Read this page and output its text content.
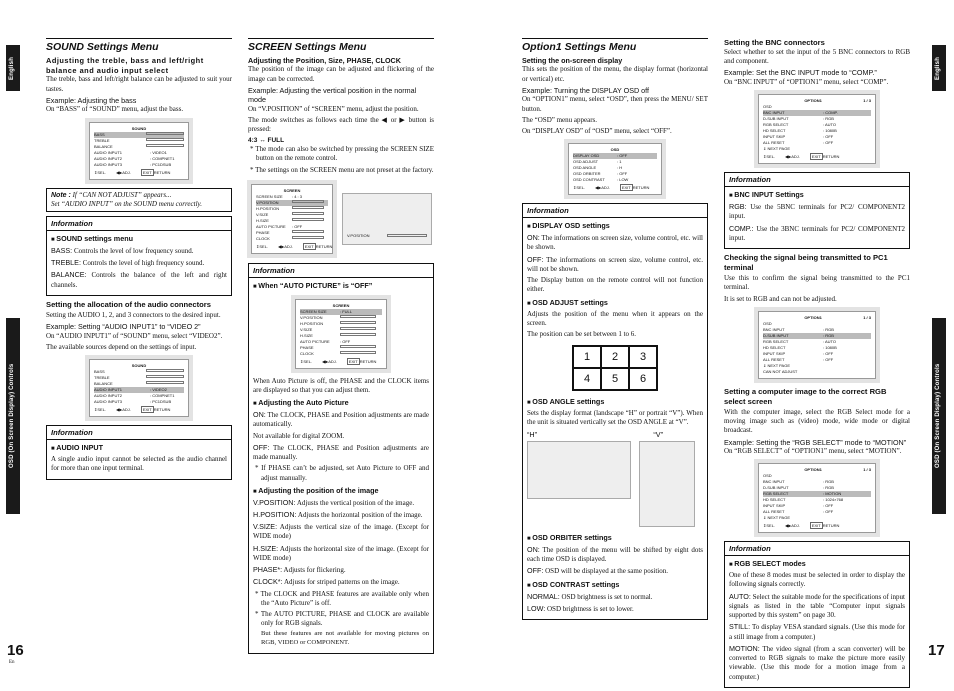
English
OSD (On Screen Display) Controls
English
OSD (On Screen Display) Controls
16
En
17
SOUND Settings Menu
Adjusting the treble, bass and left/right balance and audio input select

The treble, bass and left/right balance can be adjusted to suit your tastes.

Example: Adjusting the bass

On “BASS” of “SOUND” menu, adjust the bass.

SOUND
BASS
TREBLE
BALANCE
AUDIO INPUT1	: VIDEO1
AUDIO INPUT2	: COMPNET1
AUDIO INPUT3	: PC1DSUB
⇕SEL.	◀▶ADJ.	EXIT RETURN
Note : If “CAN NOT ADJUST” appears...
Set “AUDIO INPUT” on the SOUND menu correctly.
Information
■ SOUND settings menu

BASS: Controls the level of low frequency sound.

TREBLE: Controls the level of high frequency sound.

BALANCE: Controls the balance of the left and right channels.

Setting the allocation of the audio connectors

Setting the AUDIO 1, 2, and 3 connectors to the desired input.

Example: Setting “AUDIO INPUT1” to “VIDEO 2”

On “AUDIO INPUT1” of “SOUND” menu, select “VIDEO2”.

The available sources depend on the settings of input.

SOUND
BASS
TREBLE
BALANCE
AUDIO INPUT1	: VIDEO2
AUDIO INPUT2	: COMPNET1
AUDIO INPUT3	: PC1DSUB
⇕SEL.	◀▶ADJ.	EXIT RETURN
Information
■ AUDIO INPUT

A single audio input cannot be selected as the audio channel for more than one input terminal.

SCREEN Settings Menu
Adjusting the Position, Size, PHASE, CLOCK

The position of the image can be adjusted and flickering of the image can be corrected.

Example: Adjusting the vertical position in the normal mode

On “V.POSITION” of “SCREEN” menu, adjust the position.

The mode switches as follows each time the ◀ or ▶ button is pressed:

4:3 ↔ FULL

* The mode can also be switched by pressing the SCREEN SIZE button on the remote control.

* The settings on the SCREEN menu are not preset at the factory.

SCREEN
SCREEN SIZE	: 4 : 3
V.POSITION
H.POSITION
V.SIZE
H.SIZE
AUTO PICTURE	: OFF
PHASE
CLOCK
⇕SEL.	◀▶ADJ.	EXIT RETURN
V.POSITION
Information
■ When “AUTO PICTURE” is “OFF”
SCREEN
SCREEN SIZE	: FULL
V.POSITION
H.POSITION
V.SIZE
H.SIZE
AUTO PICTURE	: OFF
PHASE
CLOCK
⇕SEL.	◀▶ADJ.	EXIT RETURN

When Auto Picture is off, the PHASE and the CLOCK items are displayed so that you can adjust them.

■ Adjusting the Auto Picture

ON: The CLOCK, PHASE and Position adjustments are made automatically.

Not available for digital ZOOM.

OFF: The CLOCK, PHASE and Position adjustments are made manually.

* If PHASE can’t be adjusted, set Auto Picture to OFF and adjust manually.

■ Adjusting the position of the image

V.POSITION: Adjusts the vertical position of the image.

H.POSITION: Adjusts the horizontal position of the image.

V.SIZE: Adjusts the vertical size of the image. (Except for WIDE mode)

H.SIZE: Adjusts the horizontal size of the image. (Except for WIDE mode)

PHASE*: Adjusts for flickering.

CLOCK*: Adjusts for striped patterns on the image.

* The CLOCK and PHASE features are available only when the “Auto Picture” is off.

* The AUTO PICTURE, PHASE and CLOCK are available only for RGB signals.

But these features are not available for moving pictures on RGB, VIDEO or COMPONENT.

Option1 Settings Menu
Setting the on-screen display

This sets the position of the menu, the display format (horizontal or vertical) etc.

Example: Turning the DISPLAY OSD off

On “OPTION1” menu, select “OSD”, then press the MENU/ SET button.

The “OSD” menu appears.

On “DISPLAY OSD” of “OSD” menu, select “OFF”.

OSD
DISPLAY OSD	: OFF
OSD ADJUST	: 1
OSD ANGLE	: H
OSD ORBITER	: OFF
OSD CONTRAST	: LOW
⇕SEL.	◀▶ADJ.	EXIT RETURN
Information
■ DISPLAY OSD settings

ON: The informations on screen size, volume control, etc. will be shown.

OFF: The informations on screen size, volume control, etc. will not be shown.

The Display button on the remote control will not function either.

■ OSD ADJUST settings

Adjusts the position of the menu when it appears on the screen.

The position can be set between 1 to 6.

1	2	3
4	5	6
■ OSD ANGLE settings

Sets the display format (landscape “H” or portrait “V”). When the unit is situated vertically set the OSD ANGLE at “V”.

“H”	“V”
■ OSD ORBITER settings

ON: The position of the menu will be shifted by eight dots each time OSD is displayed.

OFF: OSD will be displayed at the same position.

■ OSD CONTRAST settings

NORMAL: OSD brightness is set to normal.

LOW: OSD brightness is set to lower.

Setting the BNC connectors

Select whether to set the input of the 5 BNC connectors to RGB and component.

Example: Set the BNC INPUT mode to “COMP.”

On “BNC INPUT” of “OPTION1” menu, select “COMP”.

OPTION1	1 / 3
OSD
BNC INPUT	: COMP.
D-SUB INPUT	: RGB
RGB SELECT	: AUTO
HD SELECT	: 1080B
INPUT SKIP	: OFF
ALL RESET	: OFF
⇓ NEXT PAGE
⇕SEL.	◀▶ADJ.	EXIT RETURN
Information
■ BNC INPUT Settings

RGB: Use the 5BNC terminals for PC2/ COMPONENT2 input.

COMP.: Use the 3BNC terminals for PC2/ COMPONENT2 input.

Checking the signal being transmitted to PC1 terminal

Use this to confirm the signal being transmitted to the PC1 terminal.

It is set to RGB and can not be adjusted.

OPTION1	1 / 3
OSD
BNC INPUT	: RGB
D-SUB INPUT	: RGB
RGB SELECT	: AUTO
HD SELECT	: 1080B
INPUT SKIP	: OFF
ALL RESET	: OFF
⇓ NEXT PAGE
CAN NOT ADJUST
Setting a computer image to the correct RGB select screen

With the computer image, select the RGB Select mode for a moving image such as (video) mode, wide mode or digital broadcast.

Example: Setting the “RGB SELECT” mode to “MOTION”

On “RGB SELECT” of “OPTION1” menu, select “MOTION”.

OPTION1	1 / 3
OSD
BNC INPUT	: RGB
D-SUB INPUT	: RGB
RGB SELECT	: MOTION
HD SELECT	: 1024×768
INPUT SKIP	: OFF
ALL RESET	: OFF
⇓ NEXT PAGE
⇕SEL.	◀▶ADJ.	EXIT RETURN
Information
■ RGB SELECT modes

One of these 8 modes must be selected in order to display the following signals correctly.

AUTO: Select the suitable mode for the specifications of input signals as listed in the table “Computer input signals supported by this system” on page 30.

STILL: To display VESA standard signals. (Use this mode for a still image from a computer.)

MOTION: The video signal (from a scan converter) will be converted to RGB signals to make the picture more easily viewable. (Use this mode for a motion image from a computer.)
